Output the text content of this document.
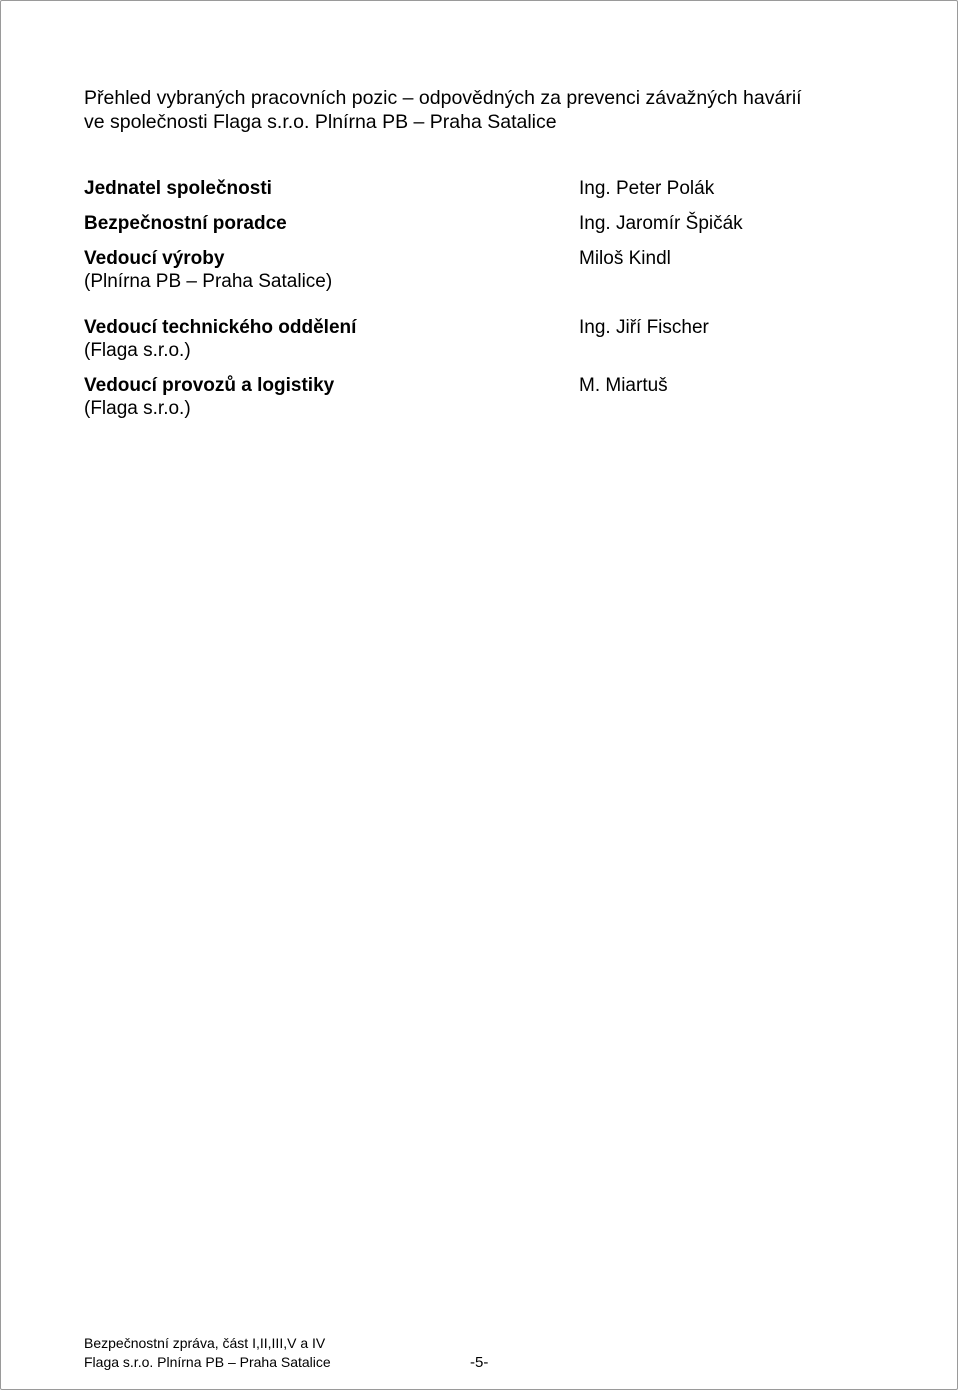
Přehled vybraných pracovních pozic – odpovědných za prevenci závažných havárií
ve společnosti Flaga s.r.o. Plnírna PB – Praha Satalice
Jednatel společnosti
Bezpečnostní poradce
Vedoucí výroby
(Plnírna PB – Praha Satalice)
Vedoucí technického oddělení
(Flaga s.r.o.)
Vedoucí provozů a logistiky
(Flaga s.r.o.)
Ing. Peter Polák
Ing. Jaromír Špičák
Miloš Kindl
Ing. Jiří Fischer
M. Miartuš
Bezpečnostní zpráva, část I,II,III,V a IV
Flaga s.r.o. Plnírna PB – Praha Satalice	-5-
